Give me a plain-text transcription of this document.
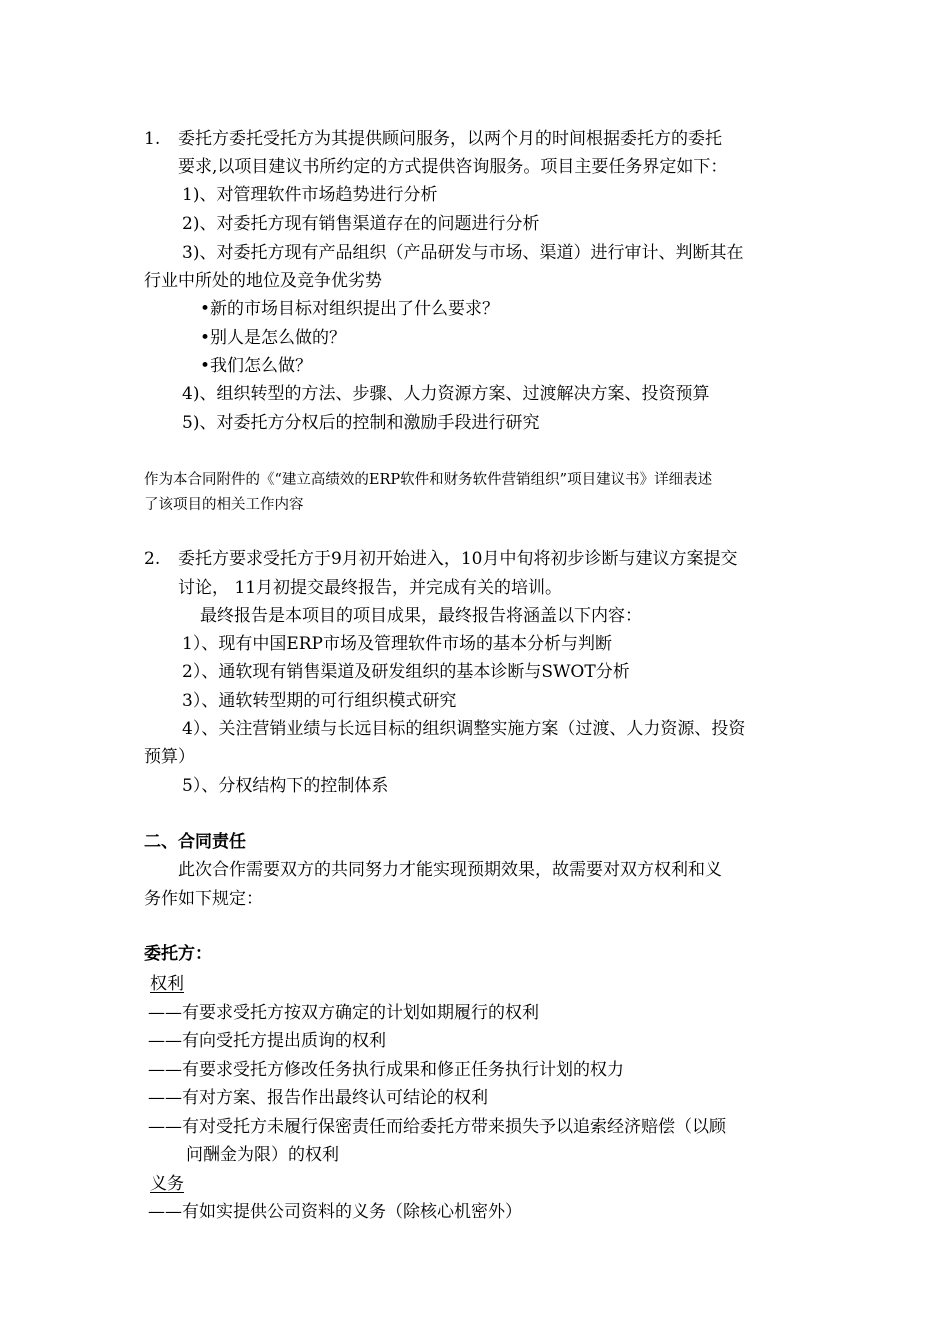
1. 委托方委托受托方为其提供顾问服务，以两个月的时间根据委托方的委托
要求,以项目建议书所约定的方式提供咨询服务。项目主要任务界定如下：
1)、对管理软件市场趋势进行分析
2)、对委托方现有销售渠道存在的问题进行分析
3)、对委托方现有产品组织（产品研发与市场、渠道）进行审计、判断其在
行业中所处的地位及竞争优劣势
•新的市场目标对组织提出了什么要求？
•别人是怎么做的？
•我们怎么做？
4)、组织转型的方法、步骤、人力资源方案、过渡解决方案、投资预算
5)、对委托方分权后的控制和激励手段进行研究
作为本合同附件的《“建立高绩效的ERP软件和财务软件营销组织”项目建议书》详细表述
了该项目的相关工作内容
2. 委托方要求受托方于9月初开始进入，10月中旬将初步诊断与建议方案提交
讨论， 11月初提交最终报告，并完成有关的培训。
最终报告是本项目的项目成果，最终报告将涵盖以下内容：
1）、现有中国ERP市场及管理软件市场的基本分析与判断
2）、通软现有销售渠道及研发组织的基本诊断与SWOT分析
3）、通软转型期的可行组织模式研究
4）、关注营销业绩与长远目标的组织调整实施方案（过渡、人力资源、投资
预算）
5）、分权结构下的控制体系
二、合同责任
此次合作需要双方的共同努力才能实现预期效果，故需要对双方权利和义
务作如下规定：
委托方：
权利
——有要求受托方按双方确定的计划如期履行的权利
——有向受托方提出质询的权利
——有要求受托方修改任务执行成果和修正任务执行计划的权力
——有对方案、报告作出最终认可结论的权利
——有对受托方未履行保密责任而给委托方带来损失予以追索经济赔偿（以顾
问酬金为限）的权利
义务
——有如实提供公司资料的义务（除核心机密外）
